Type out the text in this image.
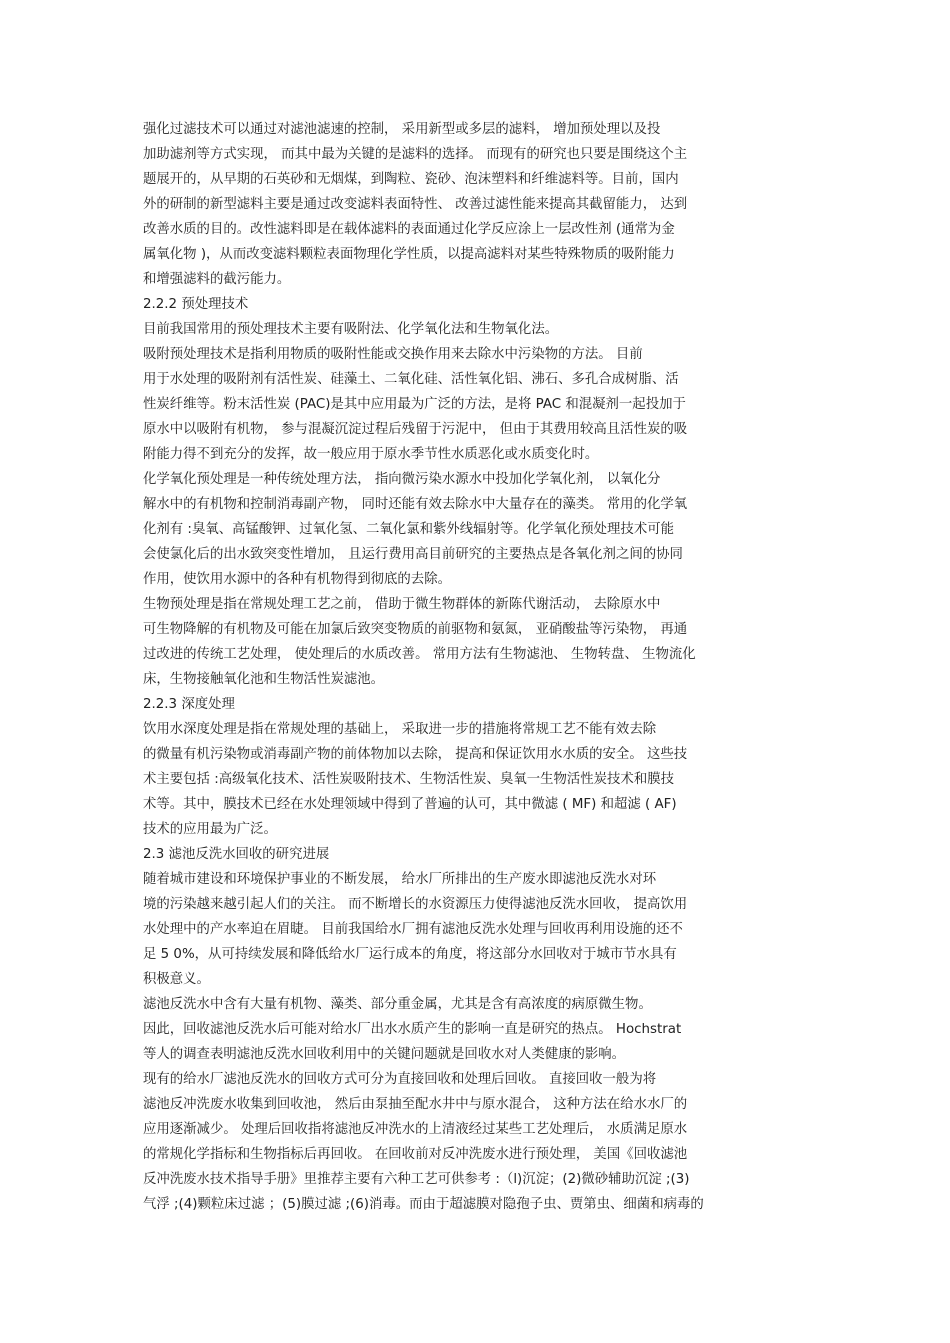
强化过滤技术可以通过对滤池滤速的控制， 采用新型或多层的滤料， 增加预处理以及投
加助滤剂等方式实现， 而其中最为关键的是滤料的选择。 而现有的研究也只要是围绕这个主
题展开的，从早期的石英砂和无烟煤，到陶粒、瓷砂、泡沫塑料和纤维滤料等。目前，国内
外的研制的新型滤料主要是通过改变滤料表面特性、 改善过滤性能来提高其截留能力， 达到
改善水质的目的。改性滤料即是在载体滤料的表面通过化学反应涂上一层改性剂 (通常为金
属氧化物 )，从而改变滤料颗粒表面物理化学性质，以提高滤料对某些特殊物质的吸附能力
和增强滤料的截污能力。
2.2.2 预处理技术
目前我国常用的预处理技术主要有吸附法、化学氧化法和生物氧化法。
吸附预处理技术是指利用物质的吸附性能或交换作用来去除水中污染物的方法。 目前
用于水处理的吸附剂有活性炭、硅藻土、二氧化硅、活性氧化铝、沸石、多孔合成树脂、活
性炭纤维等。粉末活性炭 (PAC)是其中应用最为广泛的方法，是将 PAC 和混凝剂一起投加于
原水中以吸附有机物， 参与混凝沉淀过程后残留于污泥中， 但由于其费用较高且活性炭的吸
附能力得不到充分的发挥，故一般应用于原水季节性水质恶化或水质变化时。
化学氧化预处理是一种传统处理方法， 指向微污染水源水中投加化学氧化剂， 以氧化分
解水中的有机物和控制消毒副产物， 同时还能有效去除水中大量存在的藻类。 常用的化学氧
化剂有 :臭氧、高锰酸钾、过氧化氢、二氧化氯和紫外线辐射等。化学氧化预处理技术可能
会使氯化后的出水致突变性增加， 且运行费用高目前研究的主要热点是各氧化剂之间的协同
作用，使饮用水源中的各种有机物得到彻底的去除。
生物预处理是指在常规处理工艺之前， 借助于微生物群体的新陈代谢活动， 去除原水中
可生物降解的有机物及可能在加氯后致突变物质的前驱物和氨氮， 亚硝酸盐等污染物， 再通
过改进的传统工艺处理， 使处理后的水质改善。 常用方法有生物滤池、 生物转盘、 生物流化
床，生物接触氧化池和生物活性炭滤池。
2.2.3 深度处理
饮用水深度处理是指在常规处理的基础上， 采取进一步的措施将常规工艺不能有效去除
的微量有机污染物或消毒副产物的前体物加以去除， 提高和保证饮用水水质的安全。 这些技
术主要包括 :高级氧化技术、活性炭吸附技术、生物活性炭、臭氧一生物活性炭技术和膜技
术等。其中，膜技术已经在水处理领域中得到了普遍的认可，其中微滤 ( MF) 和超滤 ( AF)
技术的应用最为广泛。
2.3 滤池反洗水回收的研究进展
随着城市建设和环境保护事业的不断发展， 给水厂所排出的生产废水即滤池反洗水对环
境的污染越来越引起人们的关注。 而不断增长的水资源压力使得滤池反洗水回收， 提高饮用
水处理中的产水率迫在眉睫。 目前我国给水厂拥有滤池反洗水处理与回收再利用设施的还不
足 5 0%，从可持续发展和降低给水厂运行成本的角度，将这部分水回收对于城市节水具有
积极意义。
滤池反洗水中含有大量有机物、藻类、部分重金属，尤其是含有高浓度的病原微生物。
因此，回收滤池反洗水后可能对给水厂出水水质产生的影响一直是研究的热点。 Hochstrat
等人的调查表明滤池反洗水回收利用中的关键问题就是回收水对人类健康的影响。
现有的给水厂滤池反洗水的回收方式可分为直接回收和处理后回收。 直接回收一般为将
滤池反冲洗废水收集到回收池， 然后由泵抽至配水井中与原水混合， 这种方法在给水水厂的
应用逐渐减少。 处理后回收指将滤池反冲洗水的上清液经过某些工艺处理后， 水质满足原水
的常规化学指标和生物指标后再回收。 在回收前对反冲洗废水进行预处理， 美国《回收滤池
反冲洗废水技术指导手册》里推荐主要有六种工艺可供参考 :（l)沉淀；(2)微砂辅助沉淀 ;(3)
气浮 ;(4)颗粒床过滤 ；(5)膜过滤 ;(6)消毒。而由于超滤膜对隐孢子虫、贾第虫、细菌和病毒的
